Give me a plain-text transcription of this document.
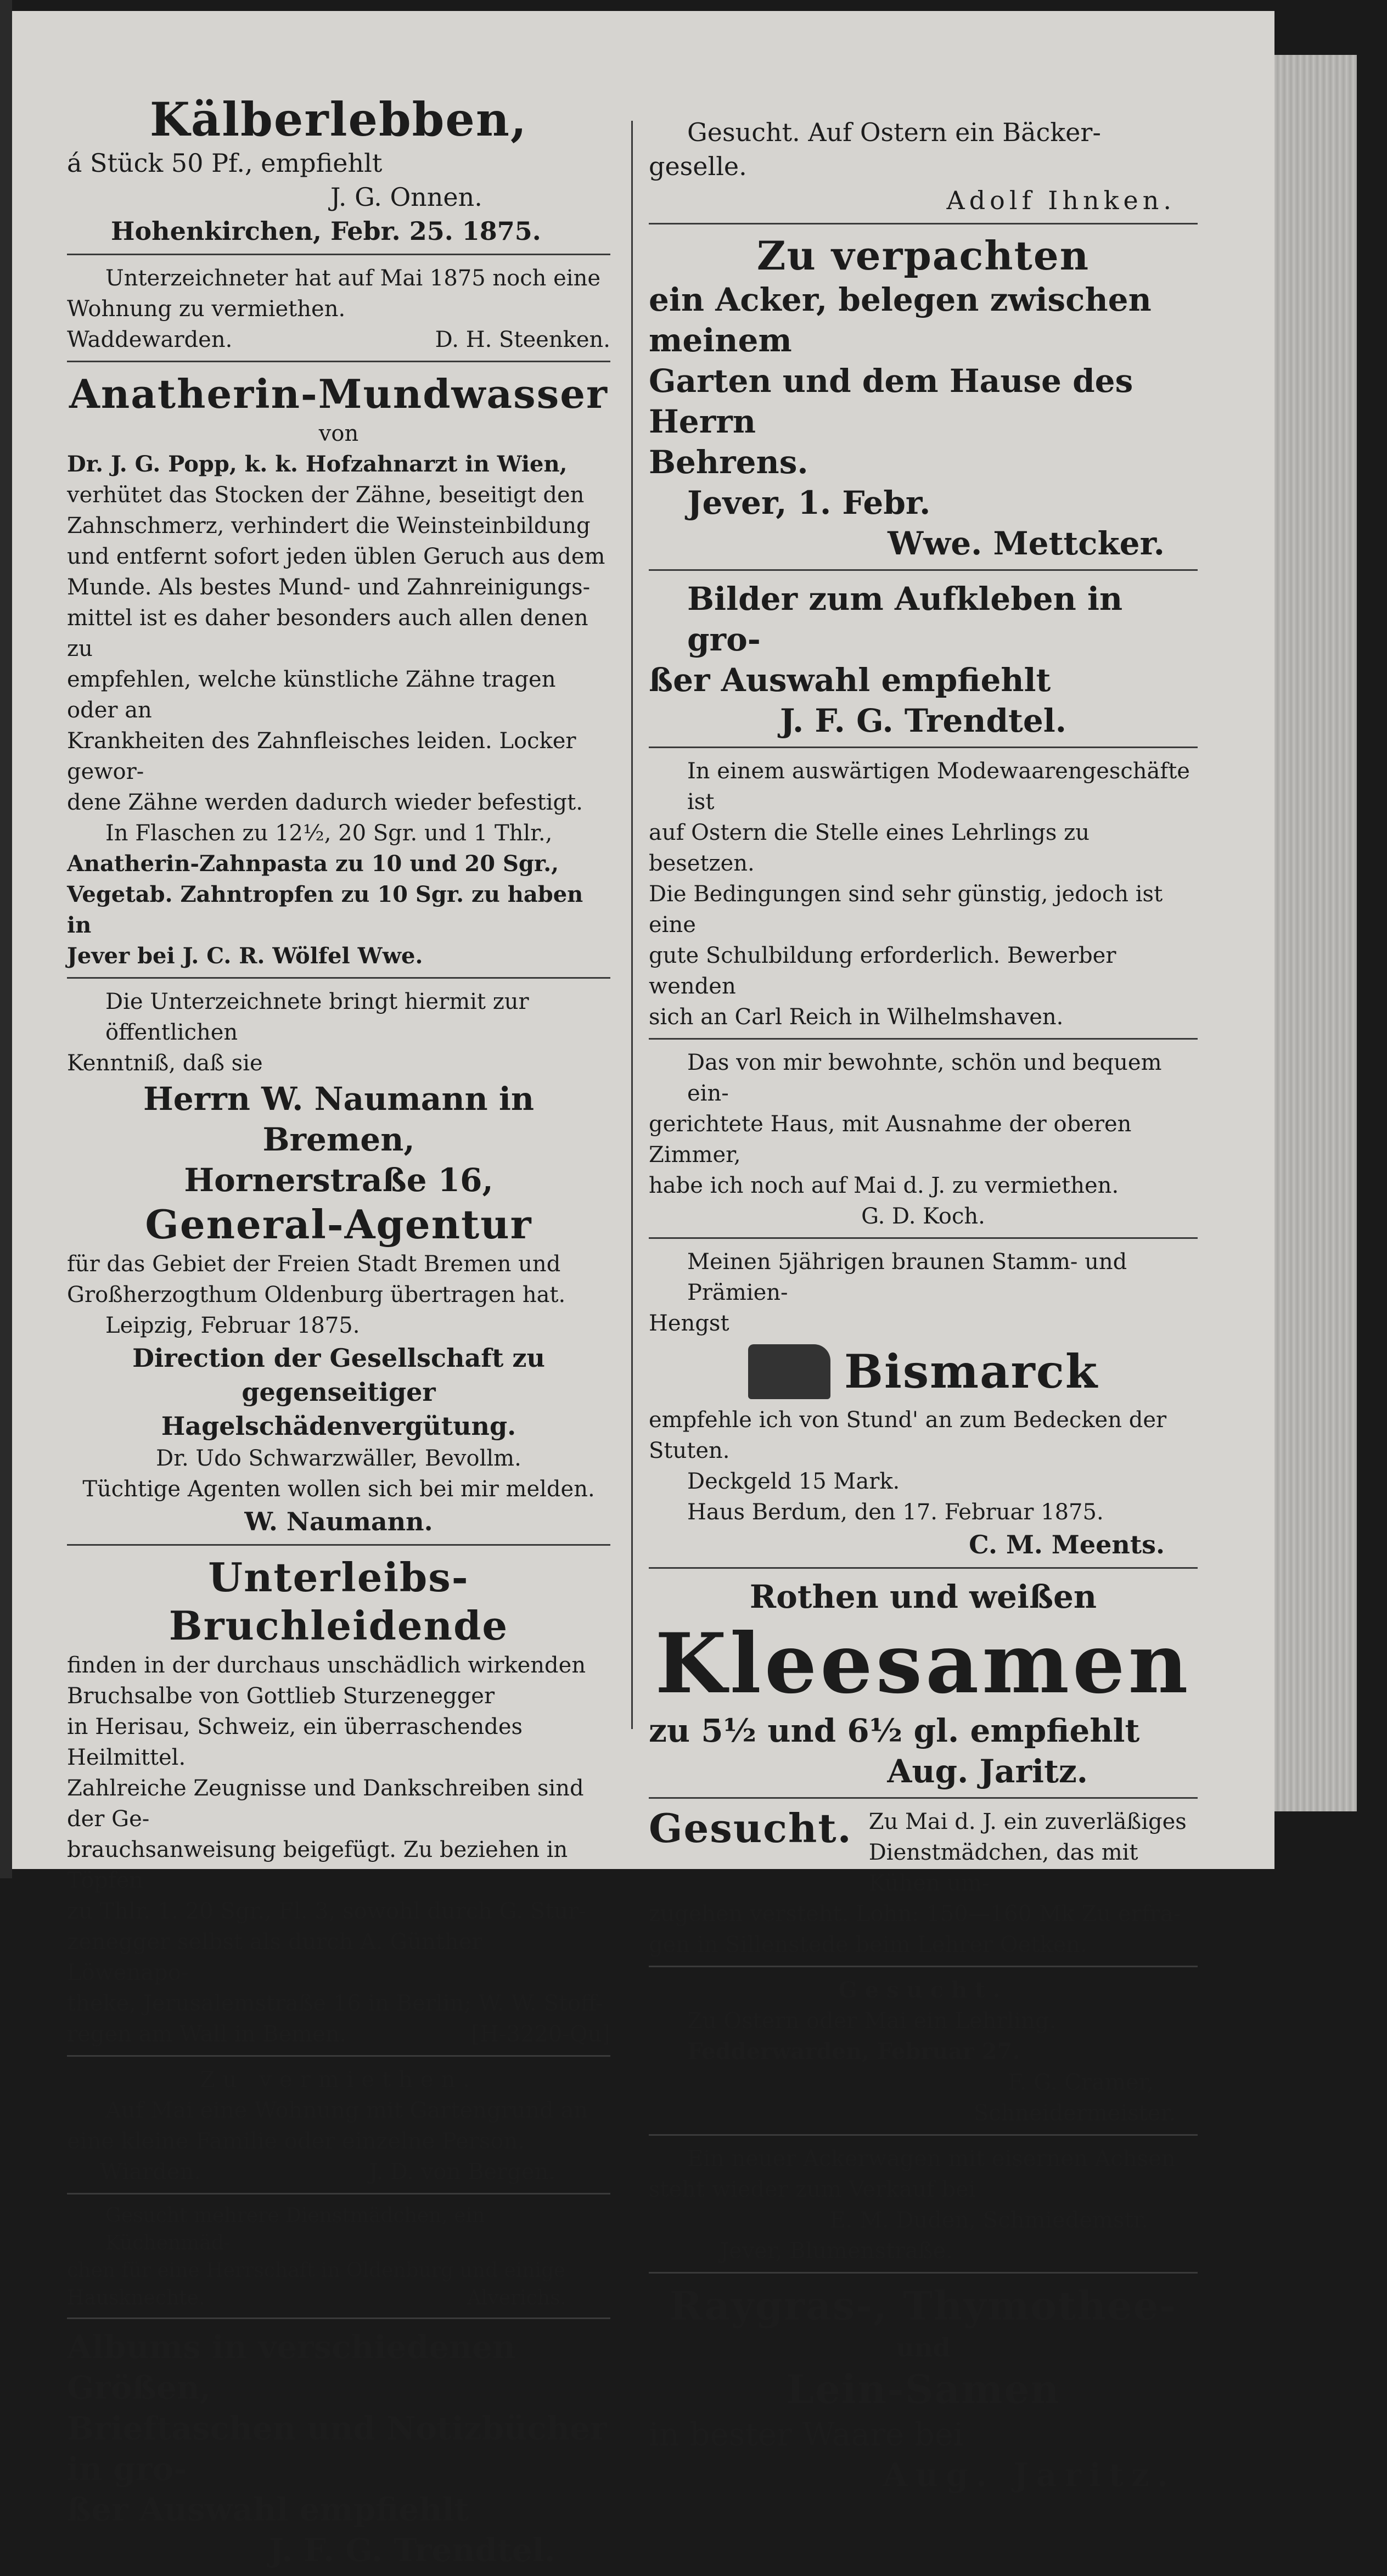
Kälberlebben,
á Stück 50 Pf., empfiehlt
J. G. Onnen.
Hohenkirchen, Febr. 25. 1875.
Unterzeichneter hat auf Mai 1875 noch eine
Wohnung zu vermiethen.
Waddewarden.	D. H. Steenken.
Anatherin-Mundwasser
von
Dr. J. G. Popp, k. k. Hofzahnarzt in Wien,
verhütet das Stocken der Zähne, beseitigt den
Zahnschmerz, verhindert die Weinsteinbildung
und entfernt sofort jeden üblen Geruch aus dem
Munde. Als bestes Mund- und Zahnreinigungs-
mittel ist es daher besonders auch allen denen zu
empfehlen, welche künstliche Zähne tragen oder an
Krankheiten des Zahnfleisches leiden. Locker gewor-
dene Zähne werden dadurch wieder befestigt.
In Flaschen zu 12½, 20 Sgr. und 1 Thlr.,
Anatherin-Zahnpasta zu 10 und 20 Sgr.,
Vegetab. Zahntropfen zu 10 Sgr. zu haben in
Jever bei J. C. R. Wölfel Wwe.
Die Unterzeichnete bringt hiermit zur öffentlichen
Kenntniß, daß sie
Herrn W. Naumann in Bremen,
Hornerstraße 16,
General-Agentur
für das Gebiet der Freien Stadt Bremen und
Großherzogthum Oldenburg übertragen hat.
Leipzig, Februar 1875.
Direction der Gesellschaft zu
gegenseitiger Hagelschädenvergütung.
Dr. Udo Schwarzwäller, Bevollm.
Tüchtige Agenten wollen sich bei mir melden.
W. Naumann.
Unterleibs-Bruchleidende
finden in der durchaus unschädlich wirkenden
Bruchsalbe von Gottlieb Sturzenegger
in Herisau, Schweiz, ein überraschendes Heilmittel.
Zahlreiche Zeugnisse und Dankschreiben sind der Ge-
brauchsanweisung beigefügt. Zu beziehen in Töpfen
zu Thlr. 1. 20 Sgr., Fl. 3, sowohl durch G. Stur-
zenegger selbst als durch A. Günther Löwenapo-
theke, Jerusalemstraße 16 in Berlin; W. W. Stoff-
regen am Wall in Bemen.	[H-3220-Qu]
Zu vermiethen.
Auf Mai eine Wohnung mit Gartengrund an
eine kleine Familie oder einzelne Person.
Wiarden.	J. D. von Bergen.
Gesucht mehrere Dienstmädchen, ein Küchenmäd-
chen für eine Herrschaft in Oldenburg und einige
Hausknechte.	Alverichs.
Albums in verschiedenen Größen,
Brieftaschen und Notizbücher in gro-
ßer Auswahl empfiehlt
J. F. G. Trendtel.
Gesucht. Auf Ostern ein Bäcker-
geselle.
Adolf Ihnken.
Zu verpachten
ein Acker, belegen zwischen meinem
Garten und dem Hause des Herrn
Behrens.
Jever, 1. Febr.
Wwe. Mettcker.
Bilder zum Aufkleben in gro-
ßer Auswahl empfiehlt
J. F. G. Trendtel.
In einem auswärtigen Modewaarengeschäfte ist
auf Ostern die Stelle eines Lehrlings zu besetzen.
Die Bedingungen sind sehr günstig, jedoch ist eine
gute Schulbildung erforderlich. Bewerber wenden
sich an Carl Reich in Wilhelmshaven.
Das von mir bewohnte, schön und bequem ein-
gerichtete Haus, mit Ausnahme der oberen Zimmer,
habe ich noch auf Mai d. J. zu vermiethen.
G. D. Koch.
Meinen 5jährigen braunen Stamm- und Prämien-
Hengst
Bismarck
empfehle ich von Stund' an zum Bedecken der Stuten.
Deckgeld 15 Mark.
Haus Berdum, den 17. Februar 1875.
C. M. Meents.
Rothen und weißen
Kleesamen
zu 5½ und 6½ gl. empfiehlt
Aug. Jaritz.
Gesucht. Zu Mai d. J. ein zuverläßiges
Dienstmädchen, das mit Kühen um-
zugehen versteht. Lohn: 150—160 Mk Zu erfra-
gen in Sillenstede beim Lehrer Oetken.
Gesucht.
Zu Ostern oder Mai ein Lehrling.
Fedderwarden, Februar 27.
F. G. Cramer,
Schneidermeister.
Ein neuer Ackerwagen mit eisernen Achsen
steht wieder zum Verkauf bei
E. M. Duden, Schmiedemstr.
Jever, Blumenstraße.
Raygras-, Thymothee-
und
Lein-Samen
in bester Waare bei
Aug. Jaritz.
